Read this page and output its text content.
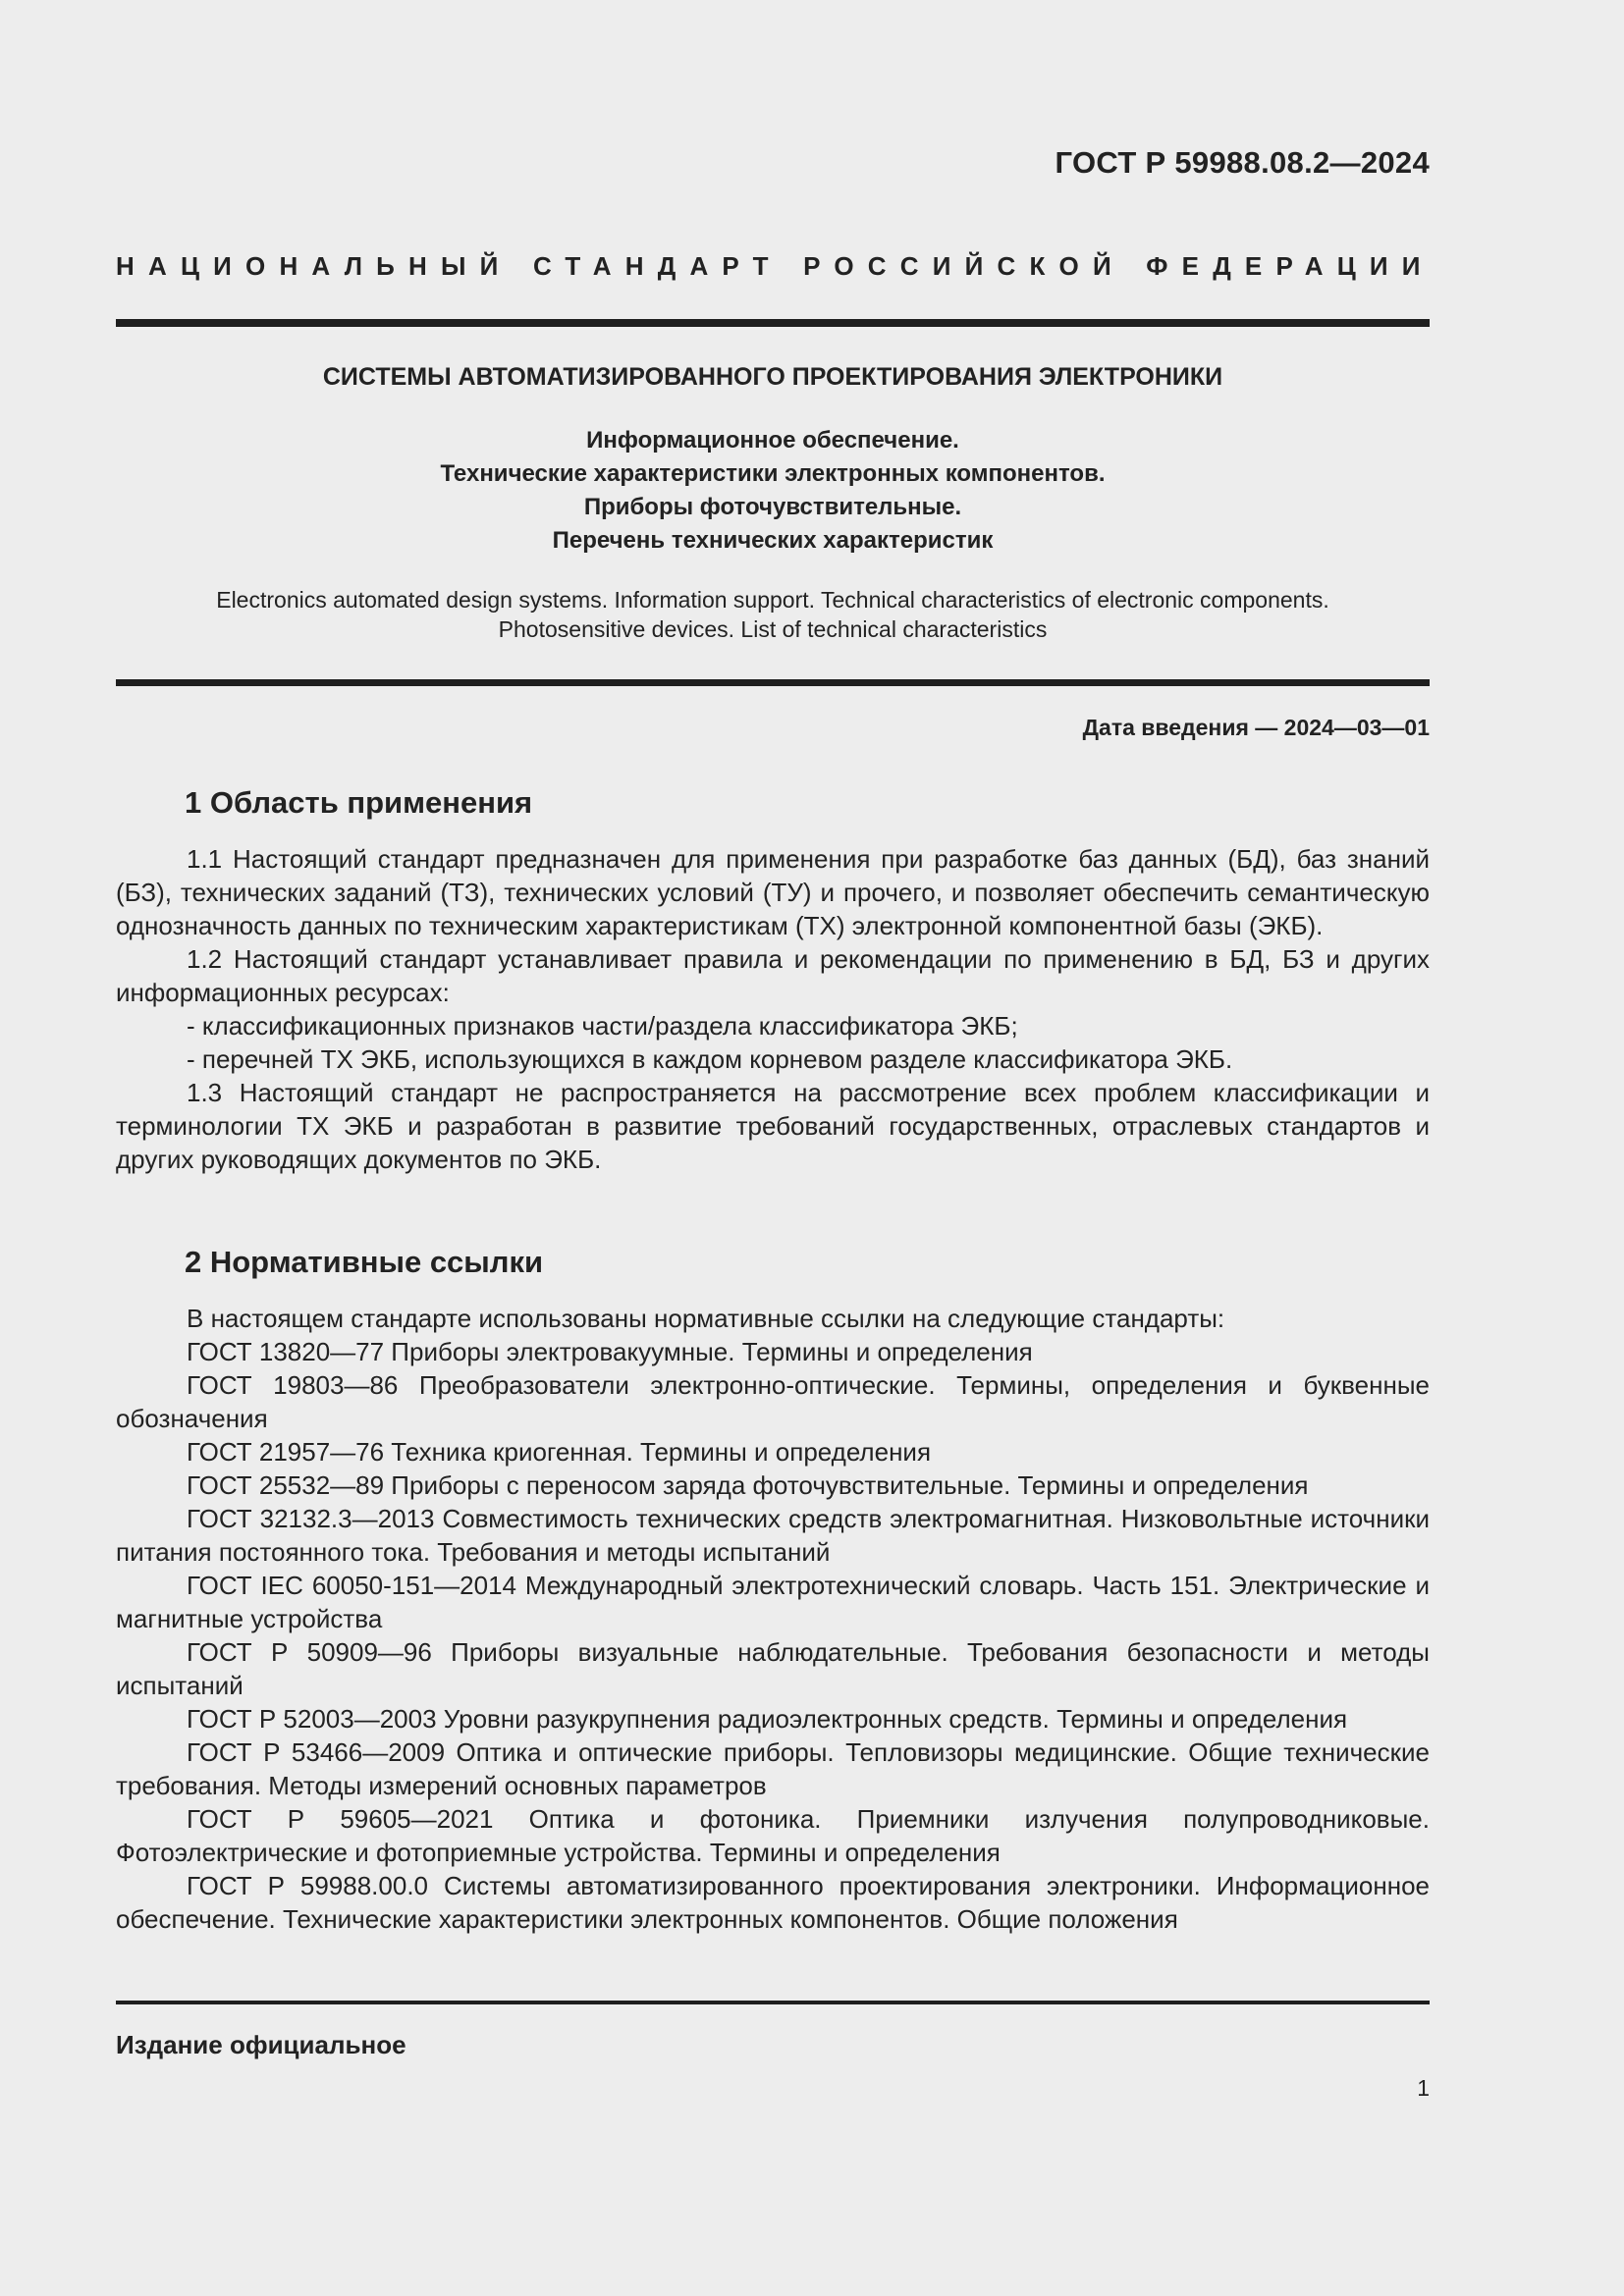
ГОСТ Р 59988.08.2—2024
НАЦИОНАЛЬНЫЙ СТАНДАРТ РОССИЙСКОЙ ФЕДЕРАЦИИ
СИСТЕМЫ АВТОМАТИЗИРОВАННОГО ПРОЕКТИРОВАНИЯ ЭЛЕКТРОНИКИ
Информационное обеспечение.
Технические характеристики электронных компонентов.
Приборы фоточувствительные.
Перечень технических характеристик
Electronics automated design systems. Information support. Technical characteristics of electronic components.
Photosensitive devices. List of technical characteristics
Дата введения — 2024—03—01
1 Область применения

1.1 Настоящий стандарт предназначен для применения при разработке баз данных (БД), баз знаний (БЗ), технических заданий (ТЗ), технических условий (ТУ) и прочего, и позволяет обеспечить семантическую однозначность данных по техническим характеристикам (ТХ) электронной компонентной базы (ЭКБ).

1.2 Настоящий стандарт устанавливает правила и рекомендации по применению в БД, БЗ и других информационных ресурсах:

- классификационных признаков части/раздела классификатора ЭКБ;

- перечней ТХ ЭКБ, использующихся в каждом корневом разделе классификатора ЭКБ.

1.3 Настоящий стандарт не распространяется на рассмотрение всех проблем классификации и терминологии ТХ ЭКБ и разработан в развитие требований государственных, отраслевых стандартов и других руководящих документов по ЭКБ.

2 Нормативные ссылки

В настоящем стандарте использованы нормативные ссылки на следующие стандарты:

ГОСТ 13820—77 Приборы электровакуумные. Термины и определения

ГОСТ 19803—86 Преобразователи электронно-оптические. Термины, определения и буквенные обозначения

ГОСТ 21957—76 Техника криогенная. Термины и определения

ГОСТ 25532—89 Приборы с переносом заряда фоточувствительные. Термины и определения

ГОСТ 32132.3—2013 Совместимость технических средств электромагнитная. Низковольтные источники питания постоянного тока. Требования и методы испытаний

ГОСТ IEC 60050-151—2014 Международный электротехнический словарь. Часть 151. Электрические и магнитные устройства

ГОСТ Р 50909—96 Приборы визуальные наблюдательные. Требования безопасности и методы испытаний

ГОСТ Р 52003—2003 Уровни разукрупнения радиоэлектронных средств. Термины и определения

ГОСТ Р 53466—2009 Оптика и оптические приборы. Тепловизоры медицинские. Общие технические требования. Методы измерений основных параметров

ГОСТ Р 59605—2021 Оптика и фотоника. Приемники излучения полупроводниковые. Фотоэлектрические и фотоприемные устройства. Термины и определения

ГОСТ Р 59988.00.0 Системы автоматизированного проектирования электроники. Информационное обеспечение. Технические характеристики электронных компонентов. Общие положения

Издание официальное
1
